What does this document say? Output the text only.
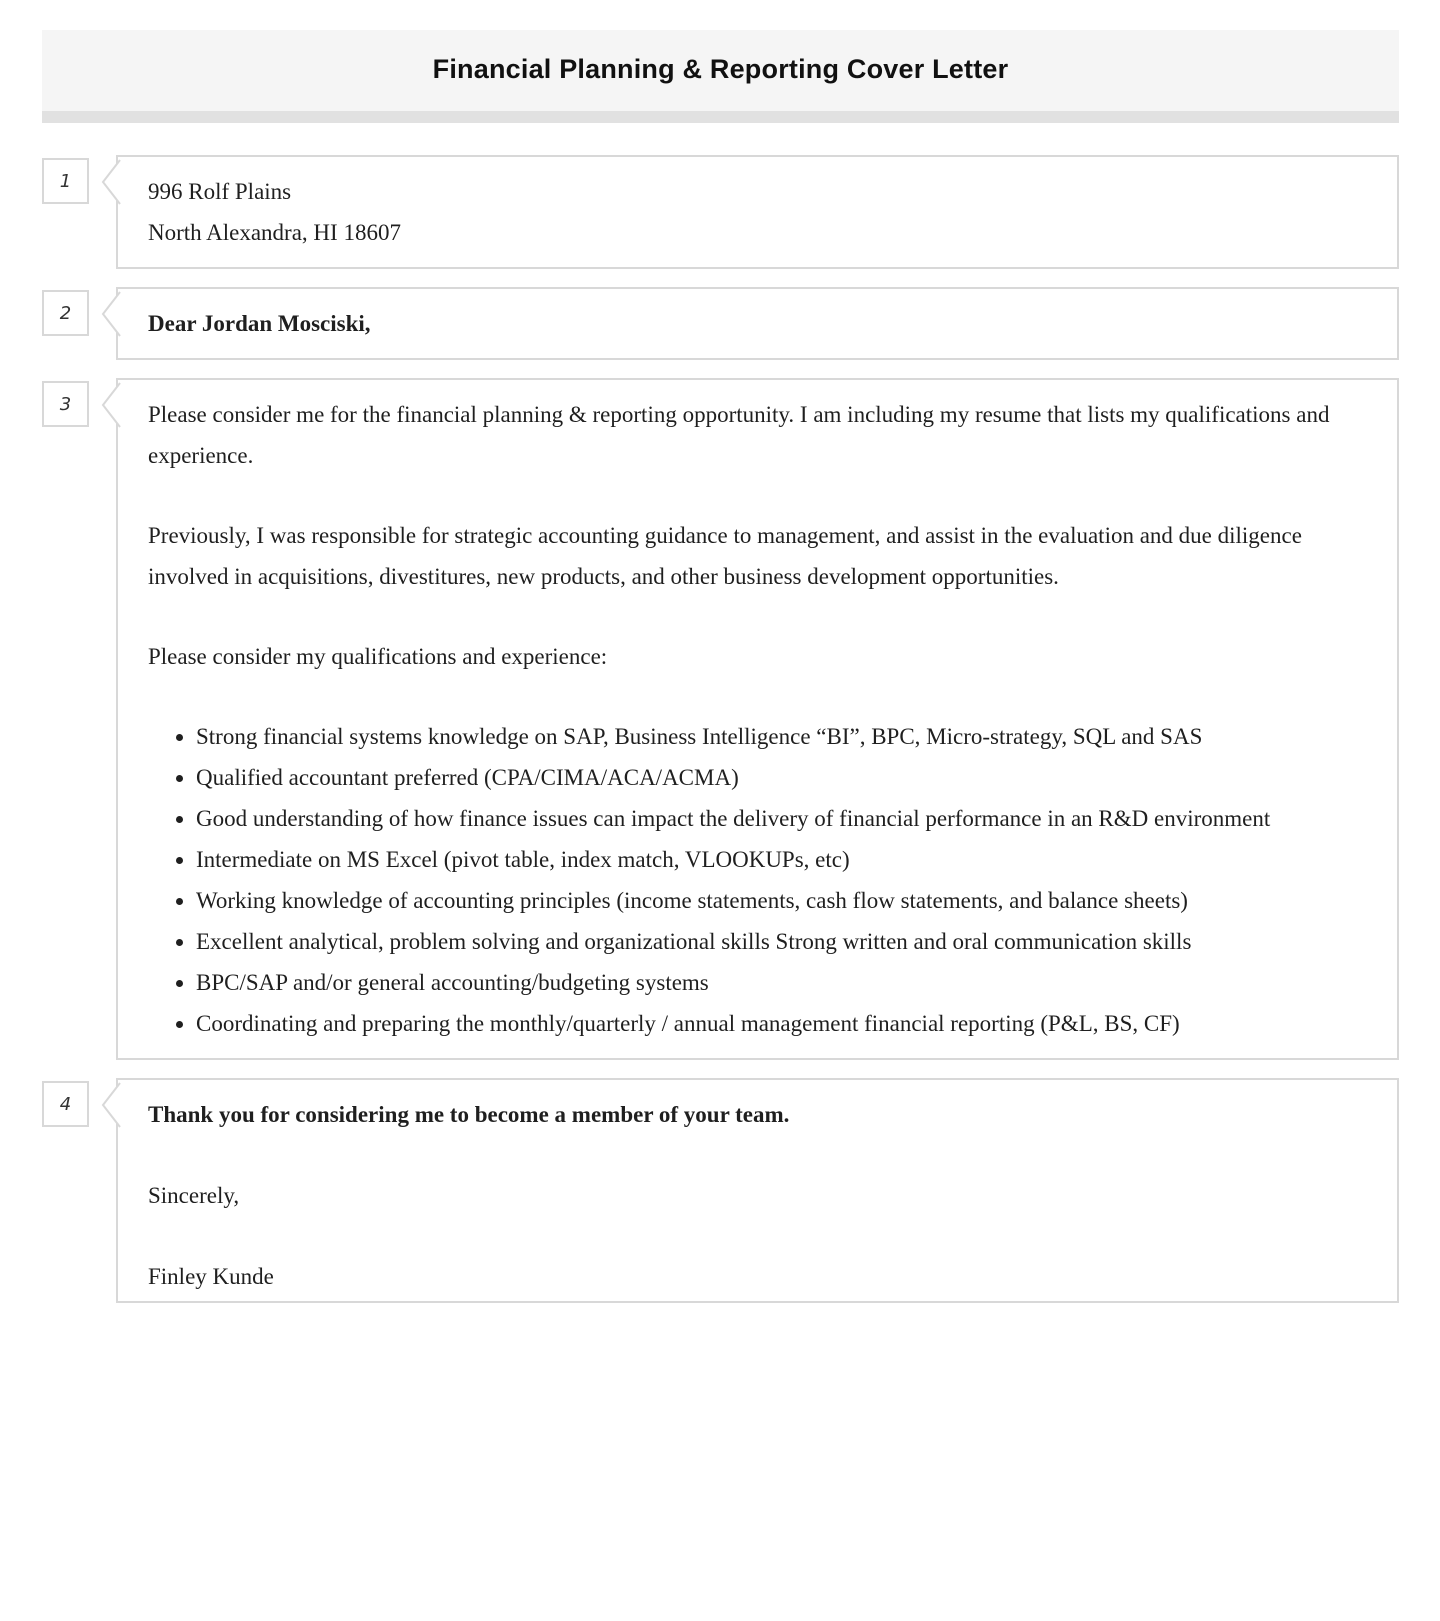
Financial Planning & Reporting Cover Letter
1	996 Rolf Plains
North Alexandra, HI 18607
2	Dear Jordan Mosciski,
3	Please consider me for the financial planning & reporting opportunity. I am including my resume that lists my qualifications and experience.

Previously, I was responsible for strategic accounting guidance to management, and assist in the evaluation and due diligence involved in acquisitions, divestitures, new products, and other business development opportunities.

Please consider my qualifications and experience:

• Strong financial systems knowledge on SAP, Business Intelligence “BI”, BPC, Micro-strategy, SQL and SAS
• Qualified accountant preferred (CPA/CIMA/ACA/ACMA)
• Good understanding of how finance issues can impact the delivery of financial performance in an R&D environment
• Intermediate on MS Excel (pivot table, index match, VLOOKUPs, etc)
• Working knowledge of accounting principles (income statements, cash flow statements, and balance sheets)
• Excellent analytical, problem solving and organizational skills Strong written and oral communication skills
• BPC/SAP and/or general accounting/budgeting systems
• Coordinating and preparing the monthly/quarterly / annual management financial reporting (P&L, BS, CF)
4	Thank you for considering me to become a member of your team.

Sincerely,

Finley Kunde
